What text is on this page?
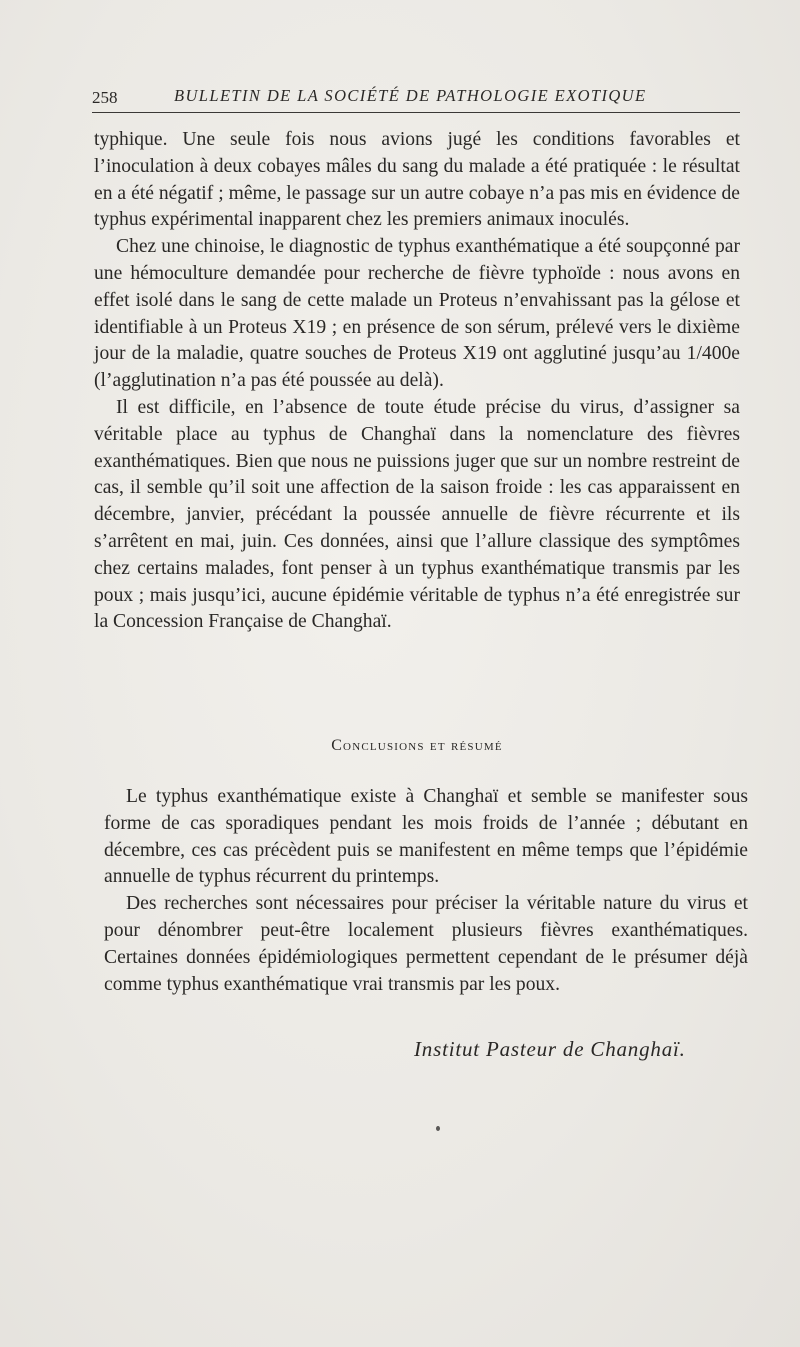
258	BULLETIN DE LA SOCIÉTÉ DE PATHOLOGIE EXOTIQUE

typhique. Une seule fois nous avions jugé les conditions favorables et l’inoculation à deux cobayes mâles du sang du malade a été pratiquée : le résultat en a été négatif ; même, le passage sur un autre cobaye n’a pas mis en évidence de typhus expérimental inapparent chez les premiers animaux inoculés.

Chez une chinoise, le diagnostic de typhus exanthématique a été soupçonné par une hémoculture demandée pour recherche de fièvre typhoïde : nous avons en effet isolé dans le sang de cette malade un Proteus n’envahissant pas la gélose et identifiable à un Proteus X19 ; en présence de son sérum, prélevé vers le dixième jour de la maladie, quatre souches de Proteus X19 ont agglutiné jusqu’au 1/400e (l’agglutination n’a pas été poussée au delà).

Il est difficile, en l’absence de toute étude précise du virus, d’assigner sa véritable place au typhus de Changhaï dans la nomenclature des fièvres exanthématiques. Bien que nous ne puissions juger que sur un nombre restreint de cas, il semble qu’il soit une affection de la saison froide : les cas apparaissent en décembre, janvier, précédant la poussée annuelle de fièvre récurrente et ils s’arrêtent en mai, juin. Ces données, ainsi que l’allure classique des symptômes chez certains malades, font penser à un typhus exanthématique transmis par les poux ; mais jusqu’ici, aucune épidémie véritable de typhus n’a été enregistrée sur la Concession Française de Changhaï.

Conclusions et résumé

Le typhus exanthématique existe à Changhaï et semble se manifester sous forme de cas sporadiques pendant les mois froids de l’année ; débutant en décembre, ces cas précèdent puis se manifestent en même temps que l’épidémie annuelle de typhus récurrent du printemps.

Des recherches sont nécessaires pour préciser la véritable nature du virus et pour dénombrer peut-être localement plusieurs fièvres exanthématiques. Certaines données épidémiologiques permettent cependant de le présumer déjà comme typhus exanthématique vrai transmis par les poux.

Institut Pasteur de Changhaï.
